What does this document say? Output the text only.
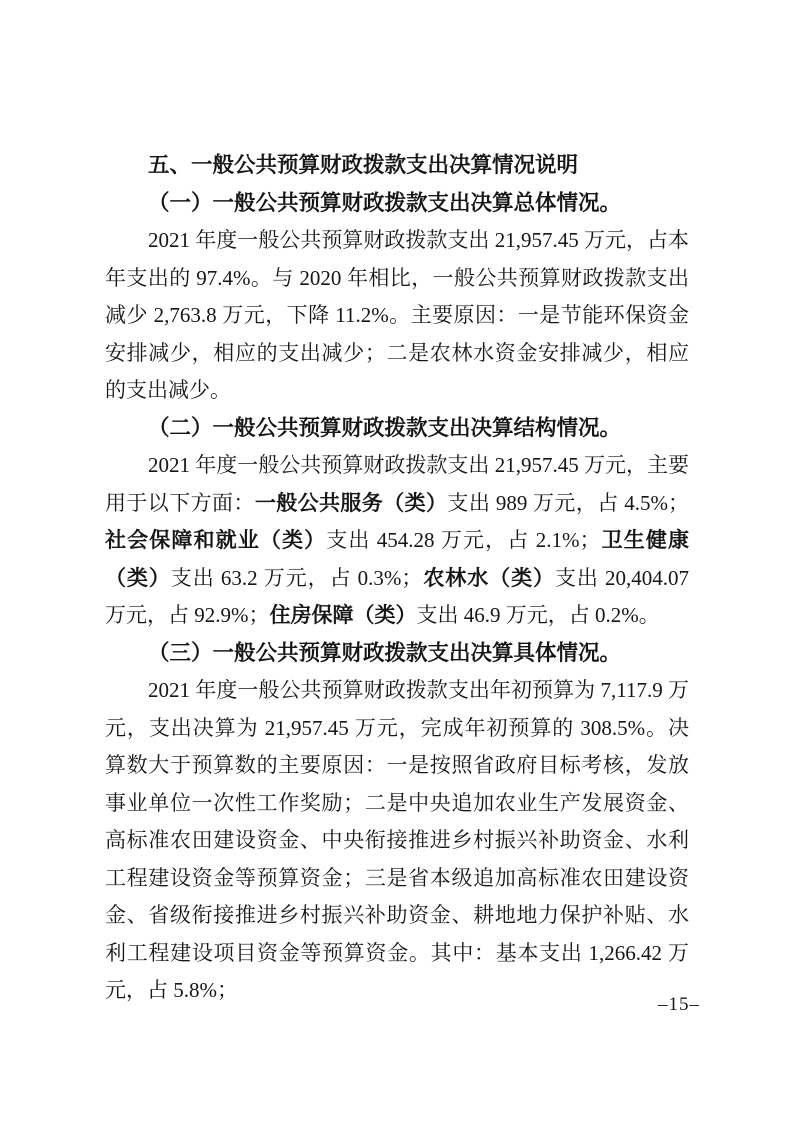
五、一般公共预算财政拨款支出决算情况说明
（一）一般公共预算财政拨款支出决算总体情况。

2021 年度一般公共预算财政拨款支出 21,957.45 万元，占本年支出的 97.4%。与 2020 年相比，一般公共预算财政拨款支出减少 2,763.8 万元，下降 11.2%。主要原因：一是节能环保资金安排减少，相应的支出减少；二是农林水资金安排减少，相应的支出减少。

（二）一般公共预算财政拨款支出决算结构情况。

2021 年度一般公共预算财政拨款支出 21,957.45 万元，主要用于以下方面：一般公共服务（类）支出 989 万元，占 4.5%；社会保障和就业（类）支出 454.28 万元，占 2.1%；卫生健康（类）支出 63.2 万元，占 0.3%；农林水（类）支出 20,404.07 万元，占 92.9%；住房保障（类）支出 46.9 万元，占 0.2%。

（三）一般公共预算财政拨款支出决算具体情况。

2021 年度一般公共预算财政拨款支出年初预算为 7,117.9 万元，支出决算为 21,957.45 万元，完成年初预算的 308.5%。决算数大于预算数的主要原因：一是按照省政府目标考核，发放事业单位一次性工作奖励；二是中央追加农业生产发展资金、高标准农田建设资金、中央衔接推进乡村振兴补助资金、水利工程建设资金等预算资金；三是省本级追加高标准农田建设资金、省级衔接推进乡村振兴补助资金、耕地地力保护补贴、水利工程建设项目资金等预算资金。其中：基本支出 1,266.42 万元，占 5.8%；

–15–
